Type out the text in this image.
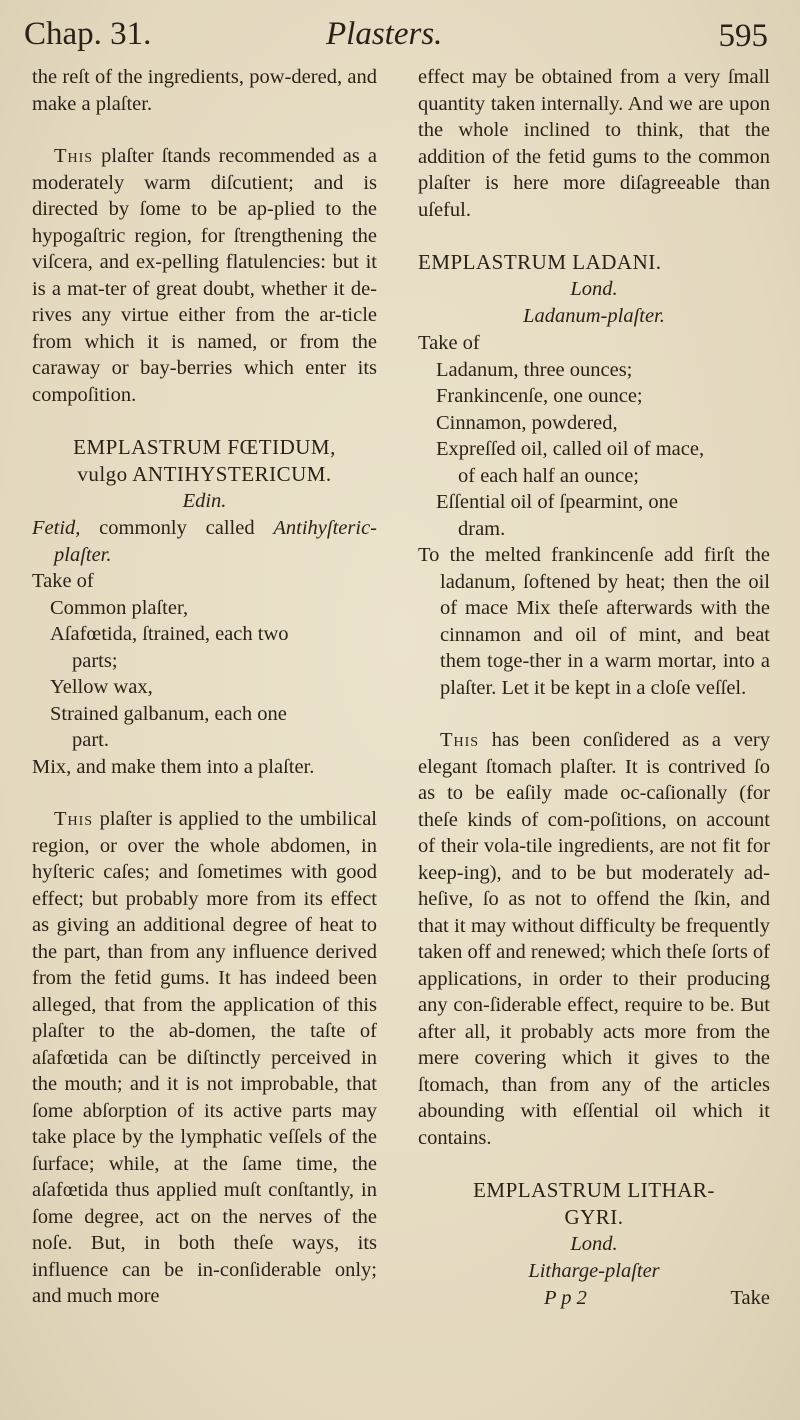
Chap. 31.	Plasters.	595

the reſt of the ingredients, pow-dered, and make a plaſter.

This plaſter ſtands recommended as a moderately warm diſcutient; and is directed by ſome to be ap-plied to the hypogaſtric region, for ſtrengthening the viſcera, and ex-pelling flatulencies: but it is a mat-ter of great doubt, whether it de-rives any virtue either from the ar-ticle from which it is named, or from the caraway or bay-berries which enter its compoſition.

EMPLASTRUM FŒTIDUM,
vulgo ANTIHYSTERICUM.
Edin.

Fetid, commonly called Antihyſteric-plaſter.

Take of

Common plaſter,

Aſafœtida, ſtrained, each two

parts;

Yellow wax,

Strained galbanum, each one

part.

Mix, and make them into a plaſter.

This plaſter is applied to the umbilical region, or over the whole abdomen, in hyſteric caſes; and ſometimes with good effect; but probably more from its effect as giving an additional degree of heat to the part, than from any influence derived from the fetid gums. It has indeed been alleged, that from the application of this plaſter to the ab-domen, the taſte of aſafœtida can be diſtinctly perceived in the mouth; and it is not improbable, that ſome abſorption of its active parts may take place by the lymphatic veſſels of the ſurface; while, at the ſame time, the aſafœtida thus applied muſt conſtantly, in ſome degree, act on the nerves of the noſe. But, in both theſe ways, its influence can be in-conſiderable only; and much more

effect may be obtained from a very ſmall quantity taken internally. And we are upon the whole inclined to think, that the addition of the fetid gums to the common plaſter is here more diſagreeable than uſeful.

EMPLASTRUM LADANI.
Lond.
Ladanum-plaſter.

Take of

Ladanum, three ounces;

Frankincenſe, one ounce;

Cinnamon, powdered,

Expreſſed oil, called oil of mace,

of each half an ounce;

Eſſential oil of ſpearmint, one

dram.

To the melted frankincenſe add firſt the ladanum, ſoftened by heat; then the oil of mace Mix theſe afterwards with the cinnamon and oil of mint, and beat them toge-ther in a warm mortar, into a plaſter. Let it be kept in a cloſe veſſel.

This has been conſidered as a very elegant ſtomach plaſter. It is contrived ſo as to be eaſily made oc-caſionally (for theſe kinds of com-poſitions, on account of their vola-tile ingredients, are not fit for keep-ing), and to be but moderately ad-heſive, ſo as not to offend the ſkin, and that it may without difficulty be frequently taken off and renewed; which theſe ſorts of applications, in order to their producing any con-ſiderable effect, require to be. But after all, it probably acts more from the mere covering which it gives to the ſtomach, than from any of the articles abounding with eſſential oil which it contains.

EMPLASTRUM LITHAR-
GYRI.
Lond.
Litharge-plaſter
P p 2	Take
